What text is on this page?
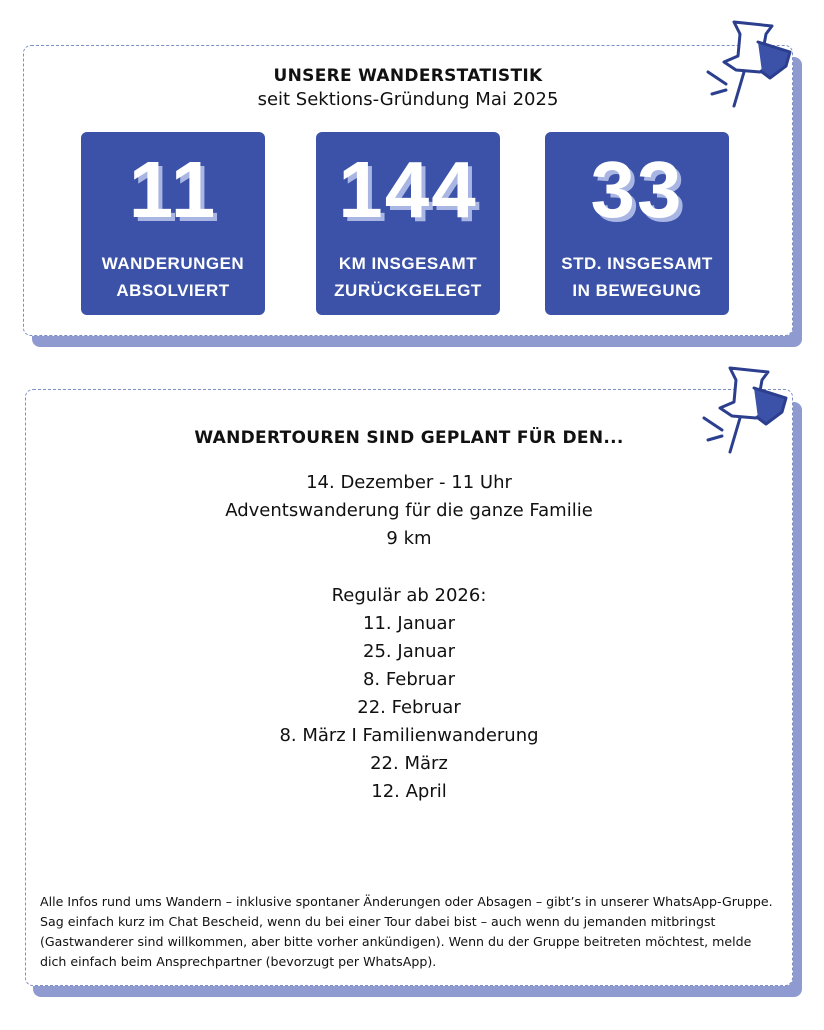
UNSERE WANDERSTATISTIK
seit Sektions-Gründung Mai 2025
11
WANDERUNGEN
ABSOLVIERT
144
KM INSGESAMT
ZURÜCKGELEGT
33
STD. INSGESAMT
IN BEWEGUNG
WANDERTOUREN SIND GEPLANT FÜR DEN...
14. Dezember - 11 Uhr
Adventswanderung für die ganze Familie
9 km
Regulär ab 2026:
11. Januar
25. Januar
8. Februar
22. Februar
8. März I Familienwanderung
22. März
12. April
Alle Infos rund ums Wandern – inklusive spontaner Änderungen oder Absagen – gibt’s in unserer WhatsApp-Gruppe. Sag einfach kurz im Chat Bescheid, wenn du bei einer Tour dabei bist – auch wenn du jemanden mitbringst (Gastwanderer sind willkommen, aber bitte vorher ankündigen). Wenn du der Gruppe beitreten möchtest, melde dich einfach beim Ansprechpartner (bevorzugt per WhatsApp).
